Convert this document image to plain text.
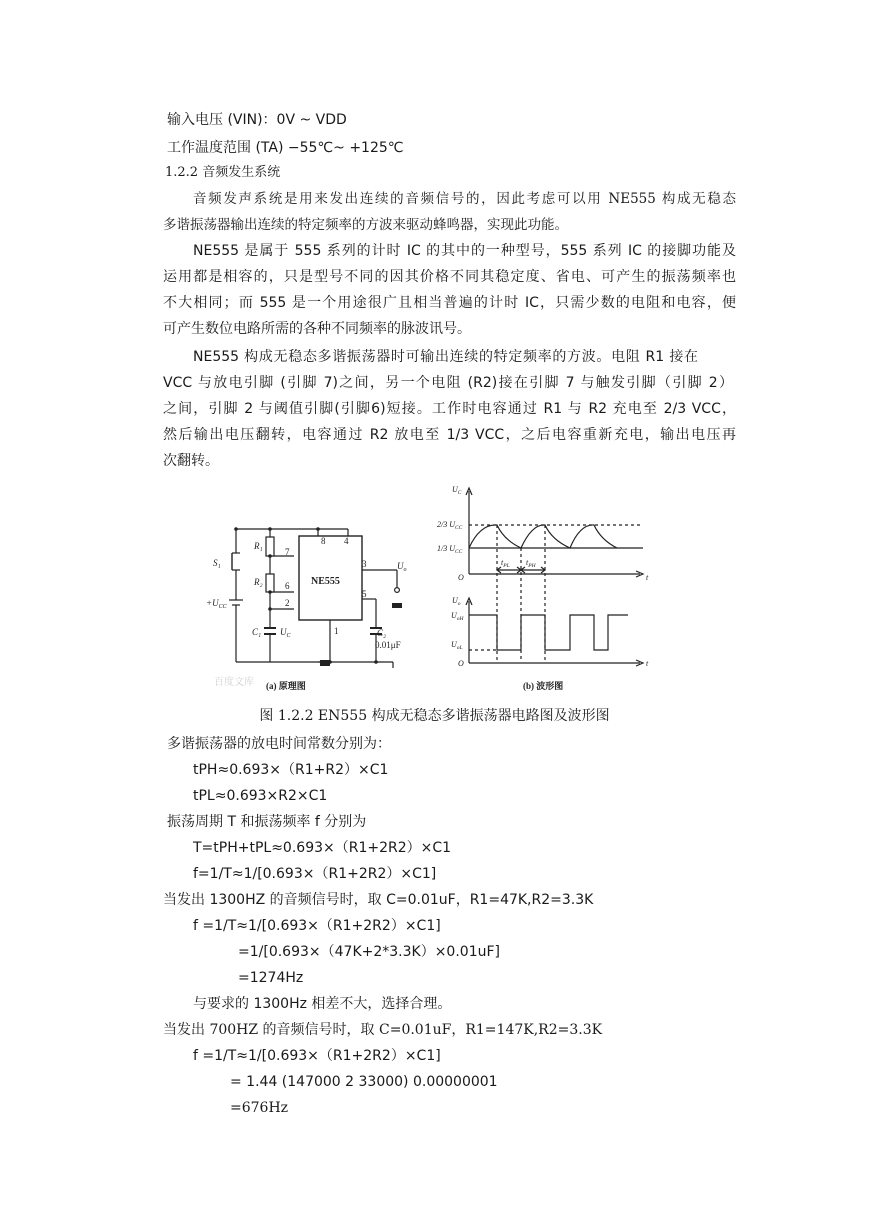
输入电压 (VIN)：0V ~ VDD
工作温度范围 (TA) −55℃~ +125℃
1.2.2 音频发生系统
音频发声系统是用来发出连续的音频信号的，因此考虑可以用 NE555 构成无稳态
多谐振荡器输出连续的特定频率的方波来驱动蜂鸣器，实现此功能。
NE555 是属于 555 系列的计时 IC 的其中的一种型号，555 系列 IC 的接脚功能及
运用都是相容的，只是型号不同的因其价格不同其稳定度、省电、可产生的振荡频率也
不大相同；而 555 是一个用途很广且相当普遍的计时 IC，只需少数的电阻和电容，便
可产生数位电路所需的各种不同频率的脉波讯号。
NE555 构成无稳态多谐振荡器时可输出连续的特定频率的方波。电阻 R1 接在
VCC 与放电引脚 (引脚 7)之间，另一个电阻 (R2)接在引脚 7 与触发引脚（引脚 2）
之间，引脚 2 与阈值引脚(引脚6)短接。工作时电容通过 R1 与 R2 充电至 2/3 VCC，
然后输出电压翻转，电容通过 R2 放电至 1/3 VCC，之后电容重新充电，输出电压再
次翻转。
8 4
7
6
2
3
5
1
NE555
S₁
R₁
R₂
$+U_{CC}$
C₁ $U_C$
$U_o$
C₂
0.01μF
(a) 原理图
百度文库
$U_C$
2/3 $U_{CC}$
1/3 $U_{CC}$
O	t
$t_{PL}$ $t_{PH}$
$U_o$
$U_{oH}$
$U_{oL}$
O	t
(b) 波形图
图 1.2.2 EN555 构成无稳态多谐振荡器电路图及波形图
多谐振荡器的放电时间常数分别为：
tPH≈0.693×（R1+R2）×C1
tPL≈0.693×R2×C1
振荡周期 T 和振荡频率 f 分别为
T=tPH+tPL≈0.693×（R1+2R2）×C1
f=1/T≈1/[0.693×（R1+2R2）×C1]
当发出 1300HZ 的音频信号时，取 C=0.01uF，R1=47K,R2=3.3K
f =1/T≈1/[0.693×（R1+2R2）×C1]
=1/[0.693×（47K+2*3.3K）×0.01uF]
=1274Hz
与要求的 1300Hz 相差不大，选择合理。
当发出 700HZ 的音频信号时，取 C=0.01uF，R1=147K,R2=3.3K
f =1/T≈1/[0.693×（R1+2R2）×C1]
= 1.44 (147000 2 33000) 0.00000001
=676Hz
